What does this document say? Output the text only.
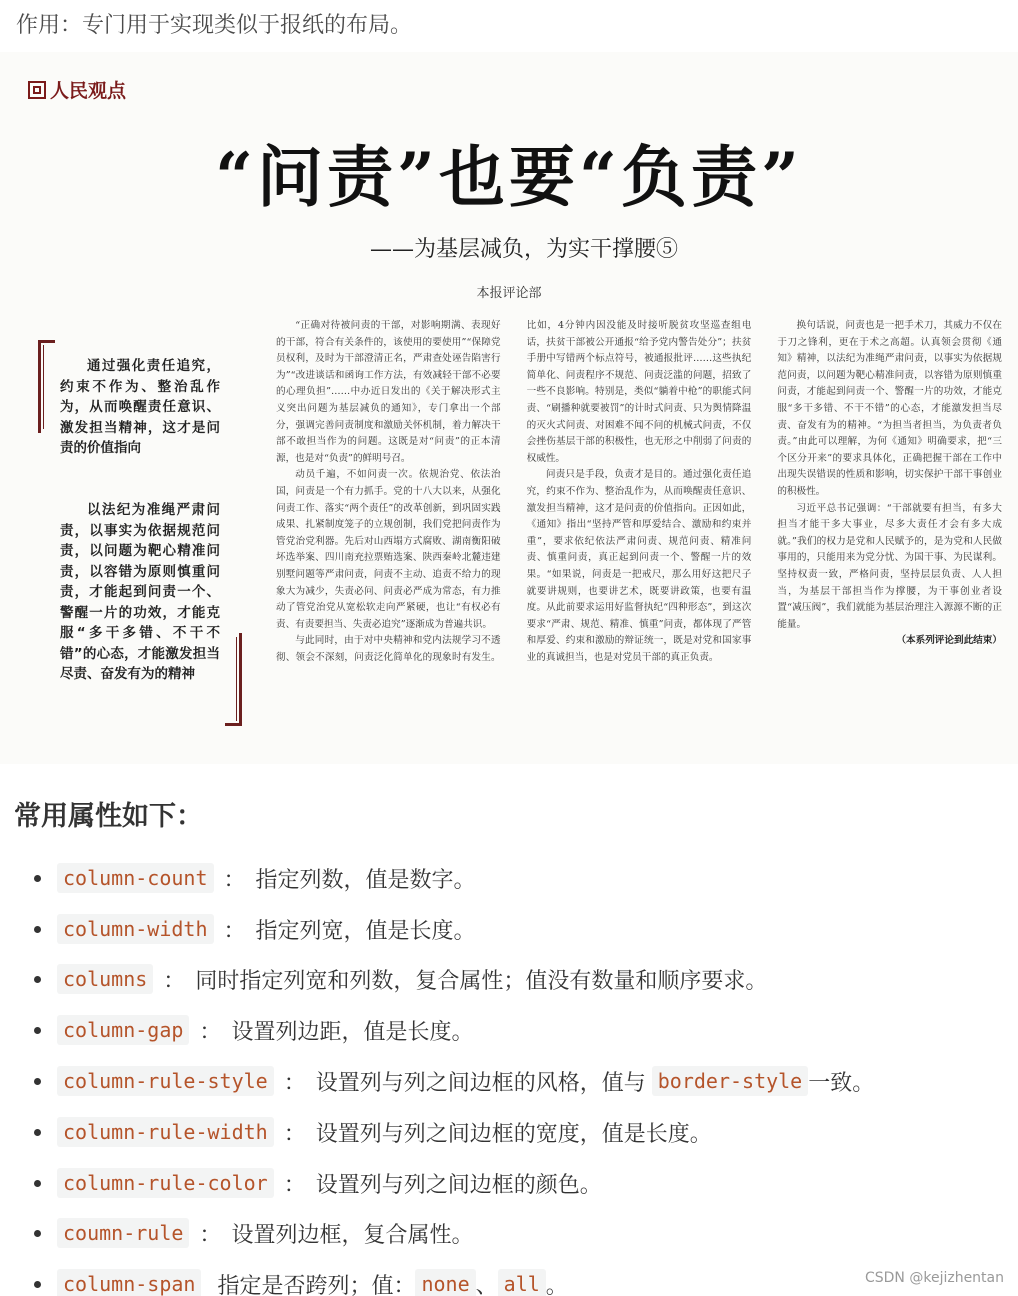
作用：专门用于实现类似于报纸的布局。
人民观点
“问责”也要“负责”
——为基层减负，为实干撑腰⑤
本报评论部

通过强化责任追究，约束不作为、整治乱作为，从而唤醒责任意识、激发担当精神，这才是问责的价值指向

以法纪为准绳严肃问责，以事实为依据规范问责，以问题为靶心精准问责，以容错为原则慎重问责，才能起到问责一个、警醒一片的功效，才能克服“多干多错、不干不错”的心态，才能激发担当尽责、奋发有为的精神

“正确对待被问责的干部，对影响期满、表现好的干部，符合有关条件的，该使用的要使用”“保障党员权利，及时为干部澄清正名，严肃查处诬告陷害行为”“改进谈话和函询工作方法，有效减轻干部不必要的心理负担”……中办近日发出的《关于解决形式主义突出问题为基层减负的通知》，专门拿出一个部分，强调完善问责制度和激励关怀机制，着力解决干部不敢担当作为的问题。这既是对“问责”的正本清源，也是对“负责”的鲜明号召。

动员千遍，不如问责一次。依规治党、依法治国，问责是一个有力抓手。党的十八大以来，从强化问责工作、落实“两个责任”的改革创新，到巩固实践成果、扎紧制度笼子的立规创制，我们党把问责作为管党治党利器。先后对山西塌方式腐败、湖南衡阳破坏选举案、四川南充拉票贿选案、陕西秦岭北麓违建别墅问题等严肃问责，问责不主动、追责不给力的现象大为减少，失责必问、问责必严成为常态，有力推动了管党治党从宽松软走向严紧硬，也让“有权必有责、有责要担当、失责必追究”逐渐成为普遍共识。

与此同时，由于对中央精神和党内法规学习不透彻、领会不深刻，问责泛化简单化的现象时有发生。比如，4分钟内因没能及时接听脱贫攻坚巡查组电话，扶贫干部被公开通报“给予党内警告处分”；扶贫手册中写错两个标点符号，被通报批评……这些执纪简单化、问责程序不规范、问责泛滥的问题，招致了一些不良影响。特别是，类似“躺着中枪”的职能式问责、“刷播种就要被罚”的计时式问责、只为舆情降温的灭火式问责、对困难不闻不问的机械式问责，不仅会挫伤基层干部的积极性，也无形之中削弱了问责的权威性。

问责只是手段，负责才是目的。通过强化责任追究，约束不作为、整治乱作为，从而唤醒责任意识、激发担当精神，这才是问责的价值指向。正因如此，《通知》指出“坚持严管和厚爱结合、激励和约束并重”，要求依纪依法严肃问责、规范问责、精准问责、慎重问责，真正起到问责一个、警醒一片的效果。“如果说，问责是一把戒尺，那么用好这把尺子就要讲规则，也要讲艺术，既要讲政策，也要有温度。从此前要求运用好监督执纪“四种形态”，到这次要求“严肃、规范、精准、慎重”问责，都体现了严管和厚爱、约束和激励的辩证统一，既是对党和国家事业的真诚担当，也是对党员干部的真正负责。

换句话说，问责也是一把手术刀，其威力不仅在于刀之锋利，更在于术之高超。认真领会贯彻《通知》精神，以法纪为准绳严肃问责，以事实为依据规范问责，以问题为靶心精准问责，以容错为原则慎重问责，才能起到问责一个、警醒一片的功效，才能克服“多干多错、不干不错”的心态，才能激发担当尽责、奋发有为的精神。“为担当者担当，为负责者负责。”由此可以理解，为何《通知》明确要求，把“三个区分开来”的要求具体化，正确把握干部在工作中出现失误错误的性质和影响，切实保护干部干事创业的积极性。

习近平总书记强调：“干部就要有担当，有多大担当才能干多大事业，尽多大责任才会有多大成就。”我们的权力是党和人民赋予的，是为党和人民做事用的，只能用来为党分忧、为国干事、为民谋利。坚持权责一致，严格问责，坚持层层负责、人人担当，为基层干部担当作为撑腰，为干事创业者设置“减压阀”，我们就能为基层治理注入源源不断的正能量。

（本系列评论到此结束）
常用属性如下：
column-count ： 指定列数，值是数字。
column-width ： 指定列宽，值是长度。
columns ： 同时指定列宽和列数，复合属性；值没有数量和顺序要求。
column-gap ： 设置列边距，值是长度。
column-rule-style ： 设置列与列之间边框的风格，值与 border-style 一致。
column-rule-width ： 设置列与列之间边框的宽度，值是长度。
column-rule-color ： 设置列与列之间边框的颜色。
coumn-rule ： 设置列边框，复合属性。
column-span 指定是否跨列；值： none 、 all 。	CSDN @kejizhentan
